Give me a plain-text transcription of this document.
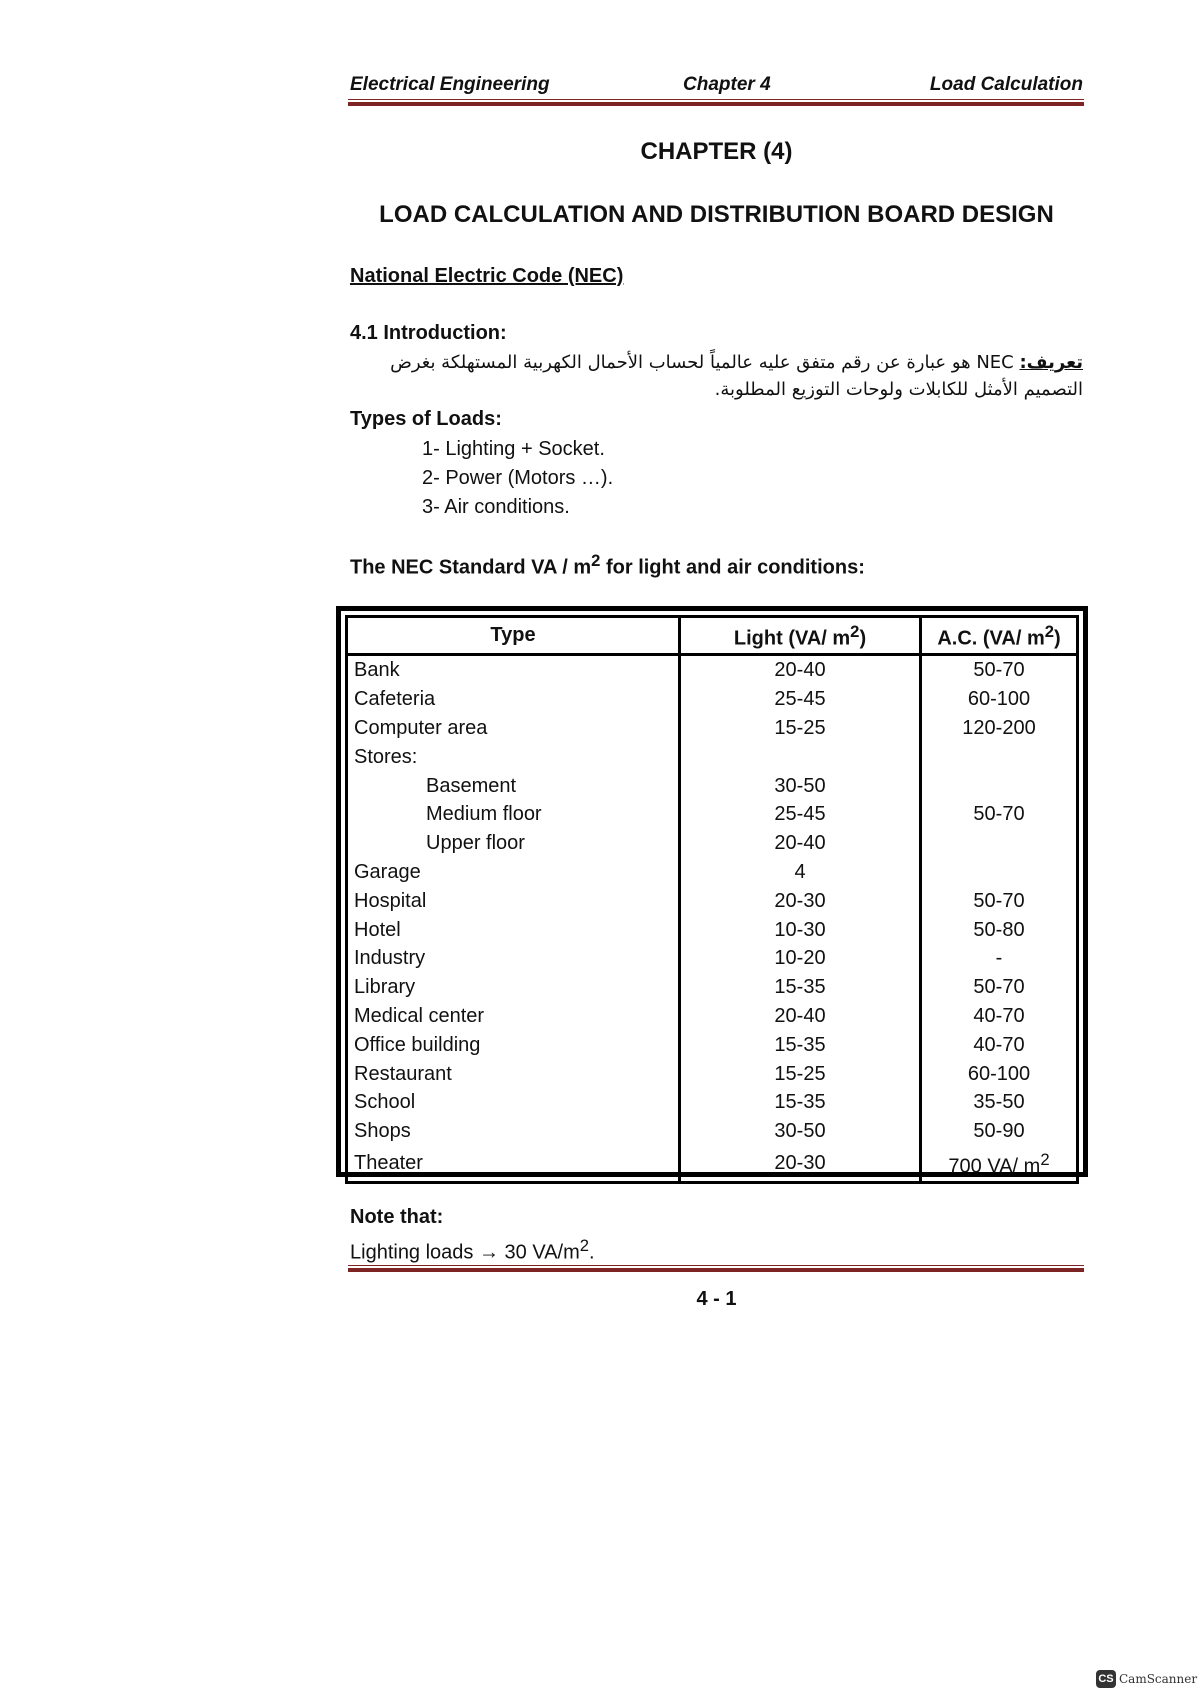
Electrical Engineering	Chapter 4	Load Calculation
CHAPTER (4)
LOAD CALCULATION AND DISTRIBUTION BOARD DESIGN
National Electric Code (NEC)
4.1 Introduction:
تعريف: NEC هو عبارة عن رقم متفق عليه عالمياً لحساب الأحمال الكهربية المستهلكة بغرض التصميم الأمثل للكابلات ولوحات التوزيع المطلوبة.
Types of Loads:
1- Lighting + Socket.
2- Power (Motors …).
3- Air conditions.
The NEC Standard VA / $m^2$ for light and air conditions:
Type	Light (VA/ $m^2$)	A.C. (VA/ $m^2$)
Bank	20-40	50-70
Cafeteria	25-45	60-100
Computer area	15-25	120-200
Stores:		
Basement	30-50	
Medium floor	25-45	50-70
Upper floor	20-40	
Garage	4	
Hospital	20-30	50-70
Hotel	10-30	50-80
Industry	10-20	-
Library	15-35	50-70
Medical center	20-40	40-70
Office building	15-35	40-70
Restaurant	15-25	60-100
School	15-35	35-50
Shops	30-50	50-90
Theater	20-30	700 VA/ $m^2$
Note that:
Lighting loads → 30 $VA/m^2$.
4 - 1
CS CamScanner
